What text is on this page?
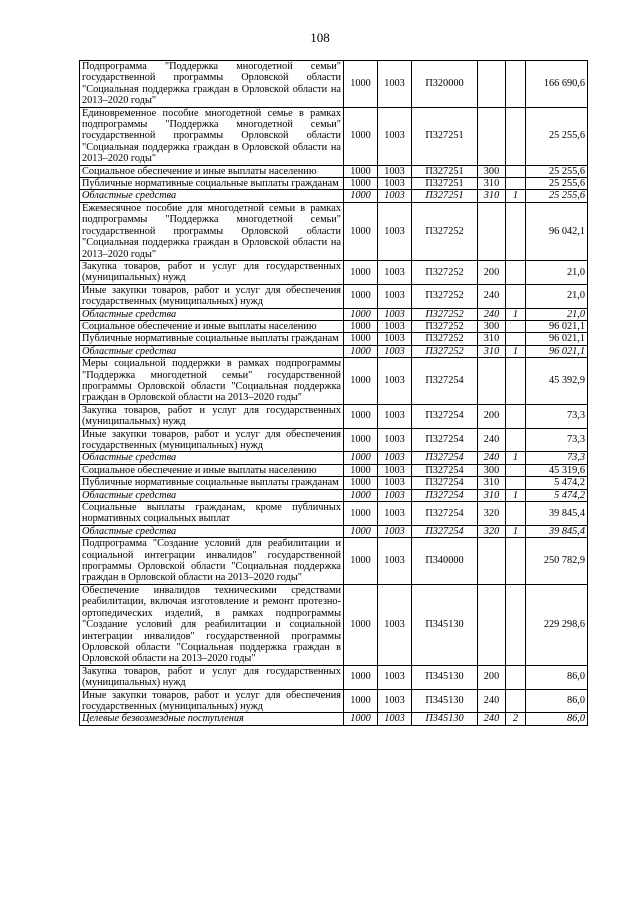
108
Подпрограмма "Поддержка многодетной семьи" государственной программы Орловской области "Социальная поддержка граждан в Орловской области на 2013–2020 годы"	1000	1003	П320000			166 690,6
Единовременное пособие многодетной семье в рамках подпрограммы "Поддержка многодетной семьи" государственной программы Орловской области "Социальная поддержка граждан в Орловской области на 2013–2020 годы"	1000	1003	П327251			25 255,6
Социальное обеспечение и иные выплаты населению	1000	1003	П327251	300		25 255,6
Публичные нормативные социальные выплаты гражданам	1000	1003	П327251	310		25 255,6
Областные средства	1000	1003	П327251	310	1	25 255,6
Ежемесячное пособие для многодетной семьи в рамках подпрограммы "Поддержка многодетной семьи" государственной программы Орловской области "Социальная поддержка граждан в Орловской области на 2013–2020 годы"	1000	1003	П327252			96 042,1
Закупка товаров, работ и услуг для государственных (муниципальных) нужд	1000	1003	П327252	200		21,0
Иные закупки товаров, работ и услуг для обеспечения государственных (муниципальных) нужд	1000	1003	П327252	240		21,0
Областные средства	1000	1003	П327252	240	1	21,0
Социальное обеспечение и иные выплаты населению	1000	1003	П327252	300		96 021,1
Публичные нормативные социальные выплаты гражданам	1000	1003	П327252	310		96 021,1
Областные средства	1000	1003	П327252	310	1	96 021,1
Меры социальной поддержки в рамках подпрограммы "Поддержка многодетной семьи" государственной программы Орловской области "Социальная поддержка граждан в Орловской области на 2013–2020 годы"	1000	1003	П327254			45 392,9
Закупка товаров, работ и услуг для государственных (муниципальных) нужд	1000	1003	П327254	200		73,3
Иные закупки товаров, работ и услуг для обеспечения государственных (муниципальных) нужд	1000	1003	П327254	240		73,3
Областные средства	1000	1003	П327254	240	1	73,3
Социальное обеспечение и иные выплаты населению	1000	1003	П327254	300		45 319,6
Публичные нормативные социальные выплаты гражданам	1000	1003	П327254	310		5 474,2
Областные средства	1000	1003	П327254	310	1	5 474,2
Социальные выплаты гражданам, кроме публичных нормативных социальных выплат	1000	1003	П327254	320		39 845,4
Областные средства	1000	1003	П327254	320	1	39 845,4
Подпрограмма "Создание условий для реабилитации и социальной интеграции инвалидов" государственной программы Орловской области "Социальная поддержка граждан в Орловской области на 2013–2020 годы"	1000	1003	П340000			250 782,9
Обеспечение инвалидов техническими средствами реабилитации, включая изготовление и ремонт протезно-ортопедических изделий, в рамках подпрограммы "Создание условий для реабилитации и социальной интеграции инвалидов" государственной программы Орловской области "Социальная поддержка граждан в Орловской области на 2013–2020 годы"	1000	1003	П345130			229 298,6
Закупка товаров, работ и услуг для государственных (муниципальных) нужд	1000	1003	П345130	200		86,0
Иные закупки товаров, работ и услуг для обеспечения государственных (муниципальных) нужд	1000	1003	П345130	240		86,0
Целевые безвозмездные поступления	1000	1003	П345130	240	2	86,0
